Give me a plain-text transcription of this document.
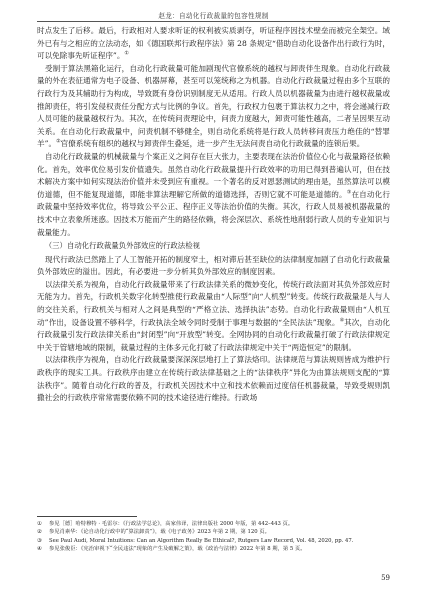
赵龙：自动化行政裁量的包容性规制

时点发生了后移。最后，行政相对人要求听证的权利被实质剥夺，听证程序因技术壁垒而被完全架空。域外已有与之相应的立法动态，如《德国联邦行政程序法》第 28 条规定“借助自动化设备作出行政行为时，可以免除事先听证程序”。①

受制于算法黑箱化运行，自动化行政裁量可能加剧现代官僚系统的越权与卸责伴生现象。自动化行政裁量的外在表征通常为电子设备、机器屏幕，甚至可以笼统称之为机器。自动化行政裁量过程由多个互联的行政行为及其辅助行为构成，导致既有身份识别制度无从适用。行政人员以机器裁量为由进行越权裁量或推卸责任，将引发侵权责任分配方式与比例的争议。首先，行政权力包裹于算法权力之中，将会递减行政人员可能的裁量越权行为。其次，在传统问责理论中，问责力度越大，卸责可能性越高，二者呈因果互动关系。在自动化行政裁量中，问责机制不够健全，则自动化系统将是行政人员转移问责压力绝佳的“替罪羊”。②官僚系统有组织的越权与卸责伴生叠延，进一步产生无法问责自动化行政裁量的连锁后果。

自动化行政裁量的机械裁量与个案正义之间存在巨大张力，主要表现在法治价值位心化与裁量路径依赖化。首先，效率优位易引发价值遗失。虽然自动化行政裁量提升行政效率的功用已得到普遍认可，但在技术解决方案中如何实现法治价值并未受到应有重视。一个著名的反对恩瑟测试的理由是，虽然算法可以模仿道德，但不能复现道德，即能非算法理解它所做的道德选择，否则它就不可能是道德的。③在自动化行政裁量中坚持效率优位，将导致公平公正、程序正义等法治价值的失衡。其次，行政人员易被机器裁量的技术中立表象所迷惑。因技术万能而产生的路径依赖，将会深层次、系统性地削弱行政人员的专业知识与裁量能力。

（三）自动化行政裁量负外部效应的行政法检视

现代行政法已然踏上了人工智能开拓的制度窄土，相对滞后甚至缺位的法律制度加剧了自动化行政裁量负外部效应的溢出。因此，有必要进一步分析其负外部效应的制度因素。

以法律关系为视角，自动化行政裁量带来了行政法律关系的微妙变化，传统行政法面对其负外部效应时无能为力。首先，行政机关数字化转型推使行政裁量由“人际型”向“人机型”转变。传统行政裁量是人与人的交往关系，行政机关与相对人之间是典型的“严格立法、选择执法”态势。自动化行政裁量则由“人机互动”作出，设备设置不够科学，行政执法全域令同时受制于事理与数据的“全民法法”现象。④其次，自动化行政裁量引发行政法律关系由“封闭型”向“开放型”转变。全网协同的自动化行政裁量打破了行政法律规定中关于管辖地域的限制，裁量过程的主体多元化打破了行政法律规定中关于“两造恒定”的限制。

以法律秩序为视角，自动化行政裁量要深深深层地打上了算法烙印。法律规范与算法规则皆成为维护行政秩序的现实工具。行政秩序由建立在传统行政法律基础之上的“法律秩序”异化为由算法规则支配的“算法秩序”。随着自动化行政的普及，行政机关因技术中立和技术依赖而过度信任机器裁量，导致受规则凯撒社会的行政秩序常常需要依赖不同的技术途径进行维持。行政场

①	参见［德］哈特穆特 · 毛雷尔：《行政法学总论》，高家伟译，法律出版社 2000 年版，第 442–443 页。
②	参见肖素华：《论自动化行政中的“算法卸责”》，载《电子政务》2023 年第 2 期，第 120 页。
③	See Paul Audi, Moral Intuitions: Can an Algorithm Really Be Ethical?, Rutgers Law Record, Vol. 48, 2020, pp. 47.
④	参见张俊臣：《宪治审视下“全民违法”现象的产生及破解之策》，载《政治与法律》2022 年第 8 期，第 5 页。
59
